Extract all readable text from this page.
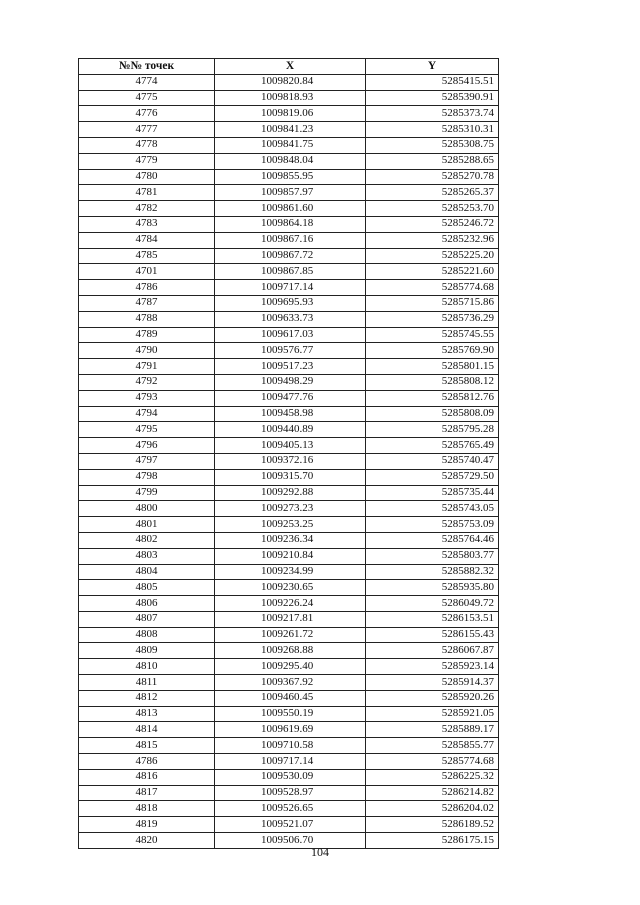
№№ точек	X	Y
4774	1009820.84	5285415.51
4775	1009818.93	5285390.91
4776	1009819.06	5285373.74
4777	1009841.23	5285310.31
4778	1009841.75	5285308.75
4779	1009848.04	5285288.65
4780	1009855.95	5285270.78
4781	1009857.97	5285265.37
4782	1009861.60	5285253.70
4783	1009864.18	5285246.72
4784	1009867.16	5285232.96
4785	1009867.72	5285225.20
4701	1009867.85	5285221.60
4786	1009717.14	5285774.68
4787	1009695.93	5285715.86
4788	1009633.73	5285736.29
4789	1009617.03	5285745.55
4790	1009576.77	5285769.90
4791	1009517.23	5285801.15
4792	1009498.29	5285808.12
4793	1009477.76	5285812.76
4794	1009458.98	5285808.09
4795	1009440.89	5285795.28
4796	1009405.13	5285765.49
4797	1009372.16	5285740.47
4798	1009315.70	5285729.50
4799	1009292.88	5285735.44
4800	1009273.23	5285743.05
4801	1009253.25	5285753.09
4802	1009236.34	5285764.46
4803	1009210.84	5285803.77
4804	1009234.99	5285882.32
4805	1009230.65	5285935.80
4806	1009226.24	5286049.72
4807	1009217.81	5286153.51
4808	1009261.72	5286155.43
4809	1009268.88	5286067.87
4810	1009295.40	5285923.14
4811	1009367.92	5285914.37
4812	1009460.45	5285920.26
4813	1009550.19	5285921.05
4814	1009619.69	5285889.17
4815	1009710.58	5285855.77
4786	1009717.14	5285774.68
4816	1009530.09	5286225.32
4817	1009528.97	5286214.82
4818	1009526.65	5286204.02
4819	1009521.07	5286189.52
4820	1009506.70	5286175.15
104
